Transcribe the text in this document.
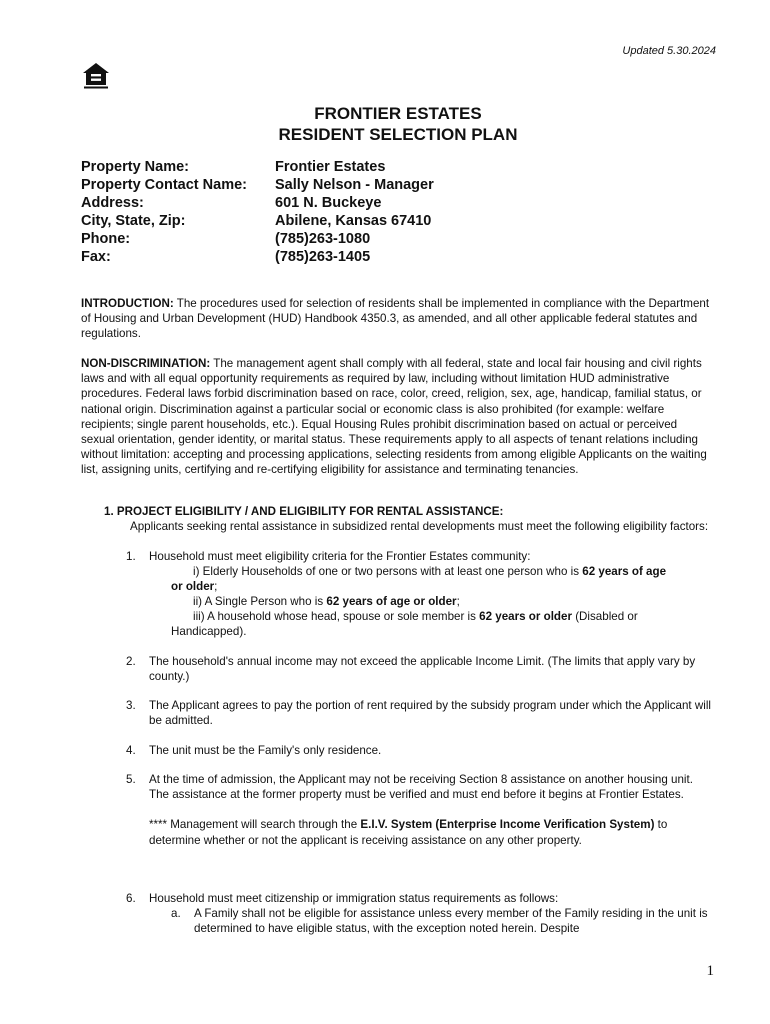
Updated 5.30.2024
FRONTIER ESTATES
RESIDENT SELECTION PLAN
Property Name:	Frontier Estates
Property Contact Name:	Sally Nelson - Manager
Address:	601 N. Buckeye
City, State, Zip:	Abilene, Kansas 67410
Phone:	(785)263-1080
Fax:	(785)263-1405
INTRODUCTION: The procedures used for selection of residents shall be implemented in compliance with the Department of Housing and Urban Development (HUD) Handbook 4350.3, as amended, and all other applicable federal statutes and regulations.
NON-DISCRIMINATION: The management agent shall comply with all federal, state and local fair housing and civil rights laws and with all equal opportunity requirements as required by law, including without limitation HUD administrative procedures. Federal laws forbid discrimination based on race, color, creed, religion, sex, age, handicap, familial status, or national origin. Discrimination against a particular social or economic class is also prohibited (for example: welfare recipients; single parent households, etc.). Equal Housing Rules prohibit discrimination based on actual or perceived sexual orientation, gender identity, or marital status. These requirements apply to all aspects of tenant relations including without limitation: accepting and processing applications, selecting residents from among eligible Applicants on the waiting list, assigning units, certifying and re-certifying eligibility for assistance and terminating tenancies.
1. PROJECT ELIGIBILITY / AND ELIGIBILITY FOR RENTAL ASSISTANCE:
Applicants seeking rental assistance in subsidized rental developments must meet the following eligibility factors:
1.	Household must meet eligibility criteria for the Frontier Estates community:
i) Elderly Households of one or two persons with at least one person who is 62 years of age
or older;
ii) A Single Person who is 62 years of age or older;
iii) A household whose head, spouse or sole member is 62 years or older (Disabled or
Handicapped).
2.	The household's annual income may not exceed the applicable Income Limit. (The limits that apply vary by county.)
3.	The Applicant agrees to pay the portion of rent required by the subsidy program under which the Applicant will be admitted.
4.	The unit must be the Family's only residence.
5.	At the time of admission, the Applicant may not be receiving Section 8 assistance on another housing unit.
The assistance at the former property must be verified and must end before it begins at Frontier Estates.
**** Management will search through the E.I.V. System (Enterprise Income Verification System) to determine whether or not the applicant is receiving assistance on any other property.
6.	Household must meet citizenship or immigration status requirements as follows:
a.	A Family shall not be eligible for assistance unless every member of the Family residing in the unit is determined to have eligible status, with the exception noted herein. Despite
1
